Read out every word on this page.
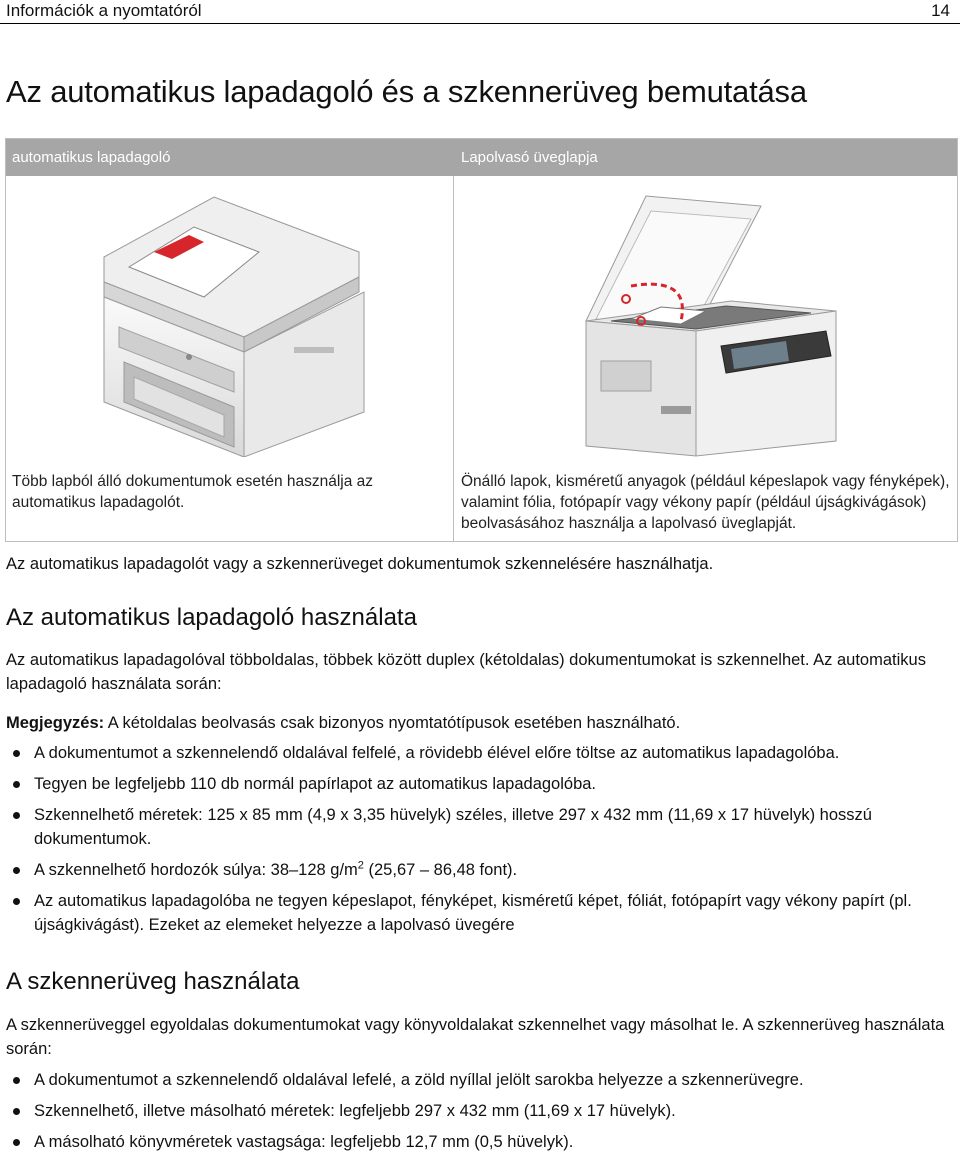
Információk a nyomtatóról	14
Az automatikus lapadagoló és a szkennerüveg bemutatása
automatikus lapadagoló	Lapolvasó üveglapja
Több lapból álló dokumentumok esetén használja az automatikus lapadagolót.
Önálló lapok, kisméretű anyagok (például képeslapok vagy fényképek), valamint fólia, fotópapír vagy vékony papír (például újságkivágások) beolvasásához használja a lapolvasó üveglapját.
Az automatikus lapadagolót vagy a szkennerüveget dokumentumok szkennelésére használhatja.
Az automatikus lapadagoló használata
Az automatikus lapadagolóval többoldalas, többek között duplex (kétoldalas) dokumentumokat is szkennelhet. Az automatikus lapadagoló használata során:
Megjegyzés: A kétoldalas beolvasás csak bizonyos nyomtatótípusok esetében használható.
A dokumentumot a szkennelendő oldalával felfelé, a rövidebb élével előre töltse az automatikus lapadagolóba.
Tegyen be legfeljebb 110 db normál papírlapot az automatikus lapadagolóba.
Szkennelhető méretek: 125 x 85 mm (4,9 x 3,35 hüvelyk) széles, illetve 297 x 432 mm (11,69 x 17 hüvelyk) hosszú dokumentumok.
A szkennelhető hordozók súlya: 38–128 $g/m^2$ (25,67 – 86,48 font).
Az automatikus lapadagolóba ne tegyen képeslapot, fényképet, kisméretű képet, fóliát, fotópapírt vagy vékony papírt (pl. újságkivágást). Ezeket az elemeket helyezze a lapolvasó üvegére
A szkennerüveg használata
A szkennerüveggel egyoldalas dokumentumokat vagy könyvoldalakat szkennelhet vagy másolhat le. A szkennerüveg használata során:
A dokumentumot a szkennelendő oldalával lefelé, a zöld nyíllal jelölt sarokba helyezze a szkennerüvegre.
Szkennelhető, illetve másolható méretek: legfeljebb 297 x 432 mm (11,69 x 17 hüvelyk).
A másolható könyvméretek vastagsága: legfeljebb 12,7 mm (0,5 hüvelyk).
